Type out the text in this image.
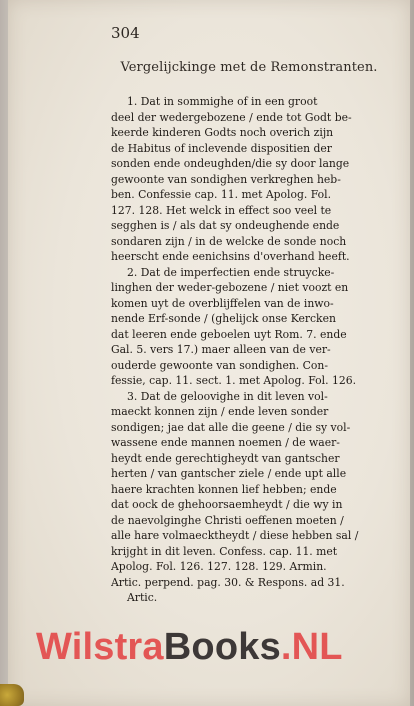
304
Vergelijckinge met de Remonstranten.
1. Dat in sommighe of in een groot
deel der wedergebozene / ende tot Godt be-
keerde kinderen Godts noch overich zijn
de Habitus of inclevende dispositien der
sonden ende ondeughden/die sy door lange
gewoonte van sondighen verkreghen heb-
ben. Confessie cap. 11. met Apolog. Fol.
127. 128. Het welck in effect soo veel te
segghen is / als dat sy ondeughende ende
sondaren zijn / in de welcke de sonde noch
heerscht ende eenichsins d'overhand heeft.
2. Dat de imperfectien ende struycke-
linghen der weder-gebozene / niet voozt en
komen uyt de overblijffelen van de inwo-
nende Erf-sonde / (ghelijck onse Kercken
dat leeren ende geboelen uyt Rom. 7. ende
Gal. 5. vers 17.) maer alleen van de ver-
ouderde gewoonte van sondighen. Con-
fessie, cap. 11. sect. 1. met Apolog. Fol. 126.
3. Dat de geloovighe in dit leven vol-
maeckt konnen zijn / ende leven sonder
sondigen; jae dat alle die geene / die sy vol-
wassene ende mannen noemen / de waer-
heydt ende gerechtigheydt van gantscher
herten / van gantscher ziele / ende upt alle
haere krachten konnen lief hebben; ende
dat oock de ghehoorsaemheydt / die wy in
de naevolginghe Christi oeffenen moeten /
alle hare volmaecktheydt / diese hebben sal /
krijght in dit leven. Confess. cap. 11. met
Apolog. Fol. 126. 127. 128. 129. Armin.
Artic. perpend. pag. 30. & Respons. ad 31.
Artic.
WilstraBooks.NL
